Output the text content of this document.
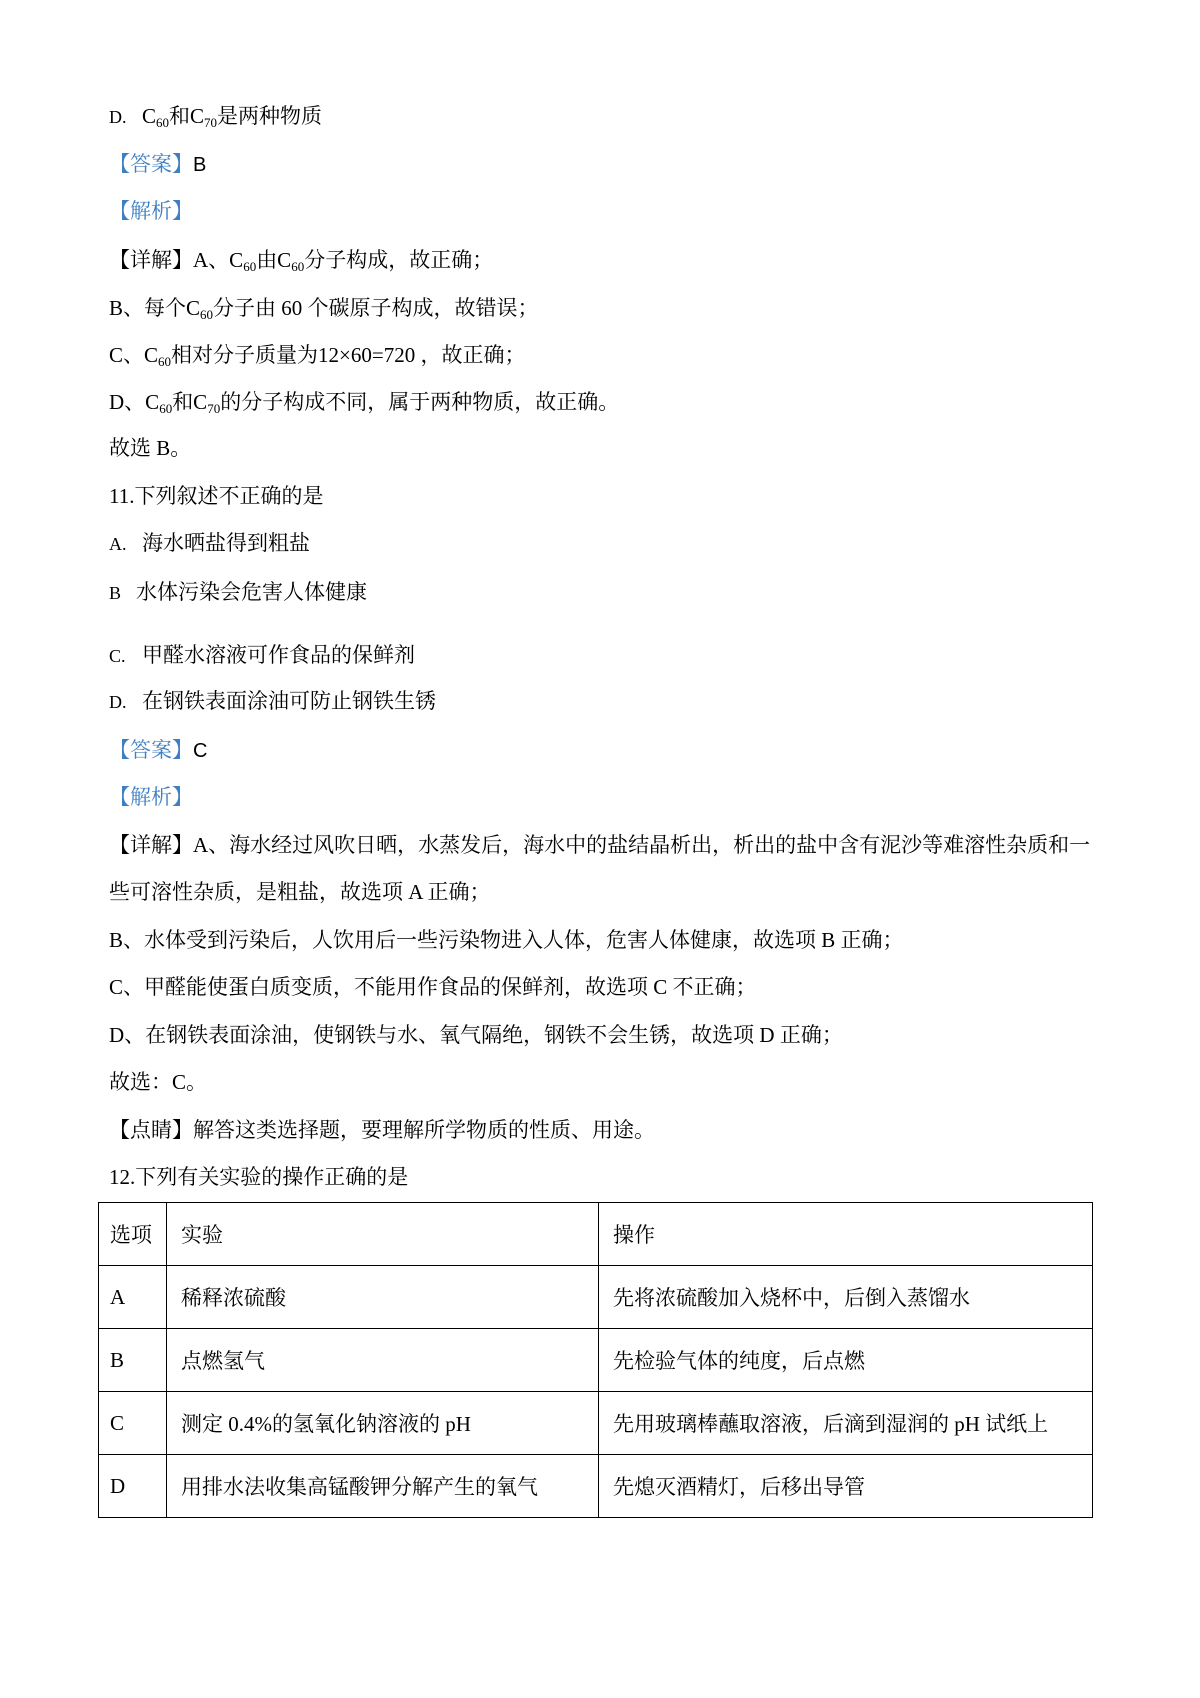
D. $C_{60}$和$C_{70}$是两种物质
【答案】B
【解析】
【详解】A、$C_{60}$由$C_{60}$分子构成，故正确；
B、每个$C_{60}$分子由 60 个碳原子构成，故错误；
C、$C_{60}$相对分子质量为12×60=720 ，故正确；
D、$C_{60}$和$C_{70}$的分子构成不同，属于两种物质，故正确。
故选 B。
11.下列叙述不正确的是
A. 海水晒盐得到粗盐
B 水体污染会危害人体健康
C. 甲醛水溶液可作食品的保鲜剂
D. 在钢铁表面涂油可防止钢铁生锈
【答案】C
【解析】
【详解】A、海水经过风吹日晒，水蒸发后，海水中的盐结晶析出，析出的盐中含有泥沙等难溶性杂质和一
些可溶性杂质，是粗盐，故选项 A 正确；
B、水体受到污染后，人饮用后一些污染物进入人体，危害人体健康，故选项 B 正确；
C、甲醛能使蛋白质变质，不能用作食品的保鲜剂，故选项 C 不正确；
D、在钢铁表面涂油，使钢铁与水、氧气隔绝，钢铁不会生锈，故选项 D 正确；
故选：C。
【点睛】解答这类选择题，要理解所学物质的性质、用途。
12.下列有关实验的操作正确的是
选项	实验	操作
A	稀释浓硫酸	先将浓硫酸加入烧杯中，后倒入蒸馏水
B	点燃氢气	先检验气体的纯度，后点燃
C	测定 0.4%的氢氧化钠溶液的 pH	先用玻璃棒蘸取溶液，后滴到湿润的 pH 试纸上
D	用排水法收集高锰酸钾分解产生的氧气	先熄灭酒精灯，后移出导管
